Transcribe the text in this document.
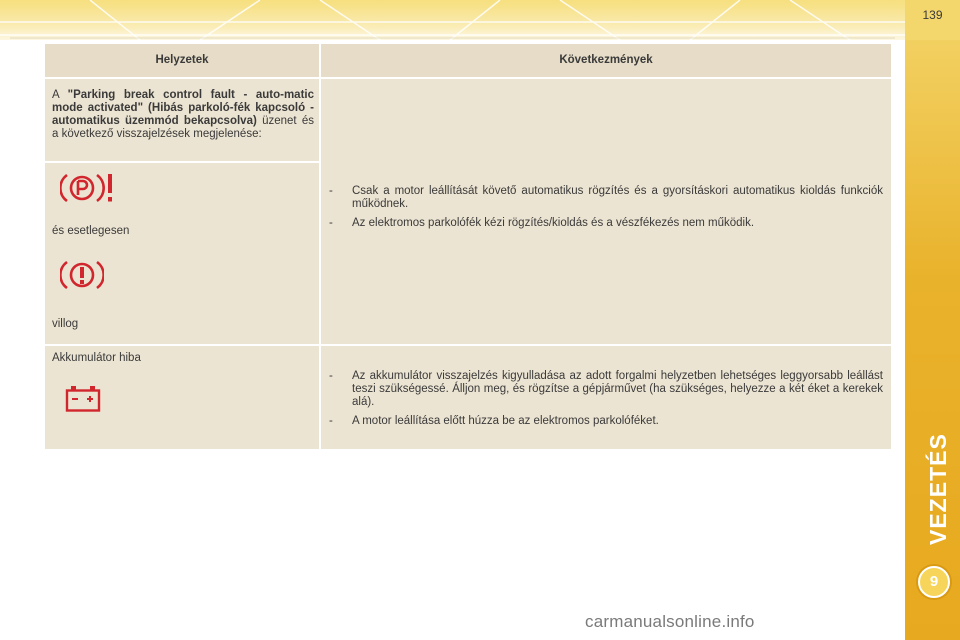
139
VEZETÉS
9
Helyzetek	Következmények
A "Parking break control fault - auto-matic mode activated" (Hibás parkoló-fék kapcsoló - automatikus üzemmód bekapcsolva) üzenet és a következő visszajelzések megjelenése:
és esetlegesen
villog
- Csak a motor leállítását követő automatikus rögzítés és a gyorsításkori automatikus kioldás funkciók működnek.
- Az elektromos parkolófék kézi rögzítés/kioldás és a vészfékezés nem működik.
Akkumulátor hiba
- Az akkumulátor visszajelzés kigyulladása az adott forgalmi helyzetben lehetséges leggyorsabb leállást teszi szükségessé. Álljon meg, és rögzítse a gépjárművet (ha szükséges, helyezze a két éket a kerekek alá).
- A motor leállítása előtt húzza be az elektromos parkolóféket.
carmanualsonline.info
